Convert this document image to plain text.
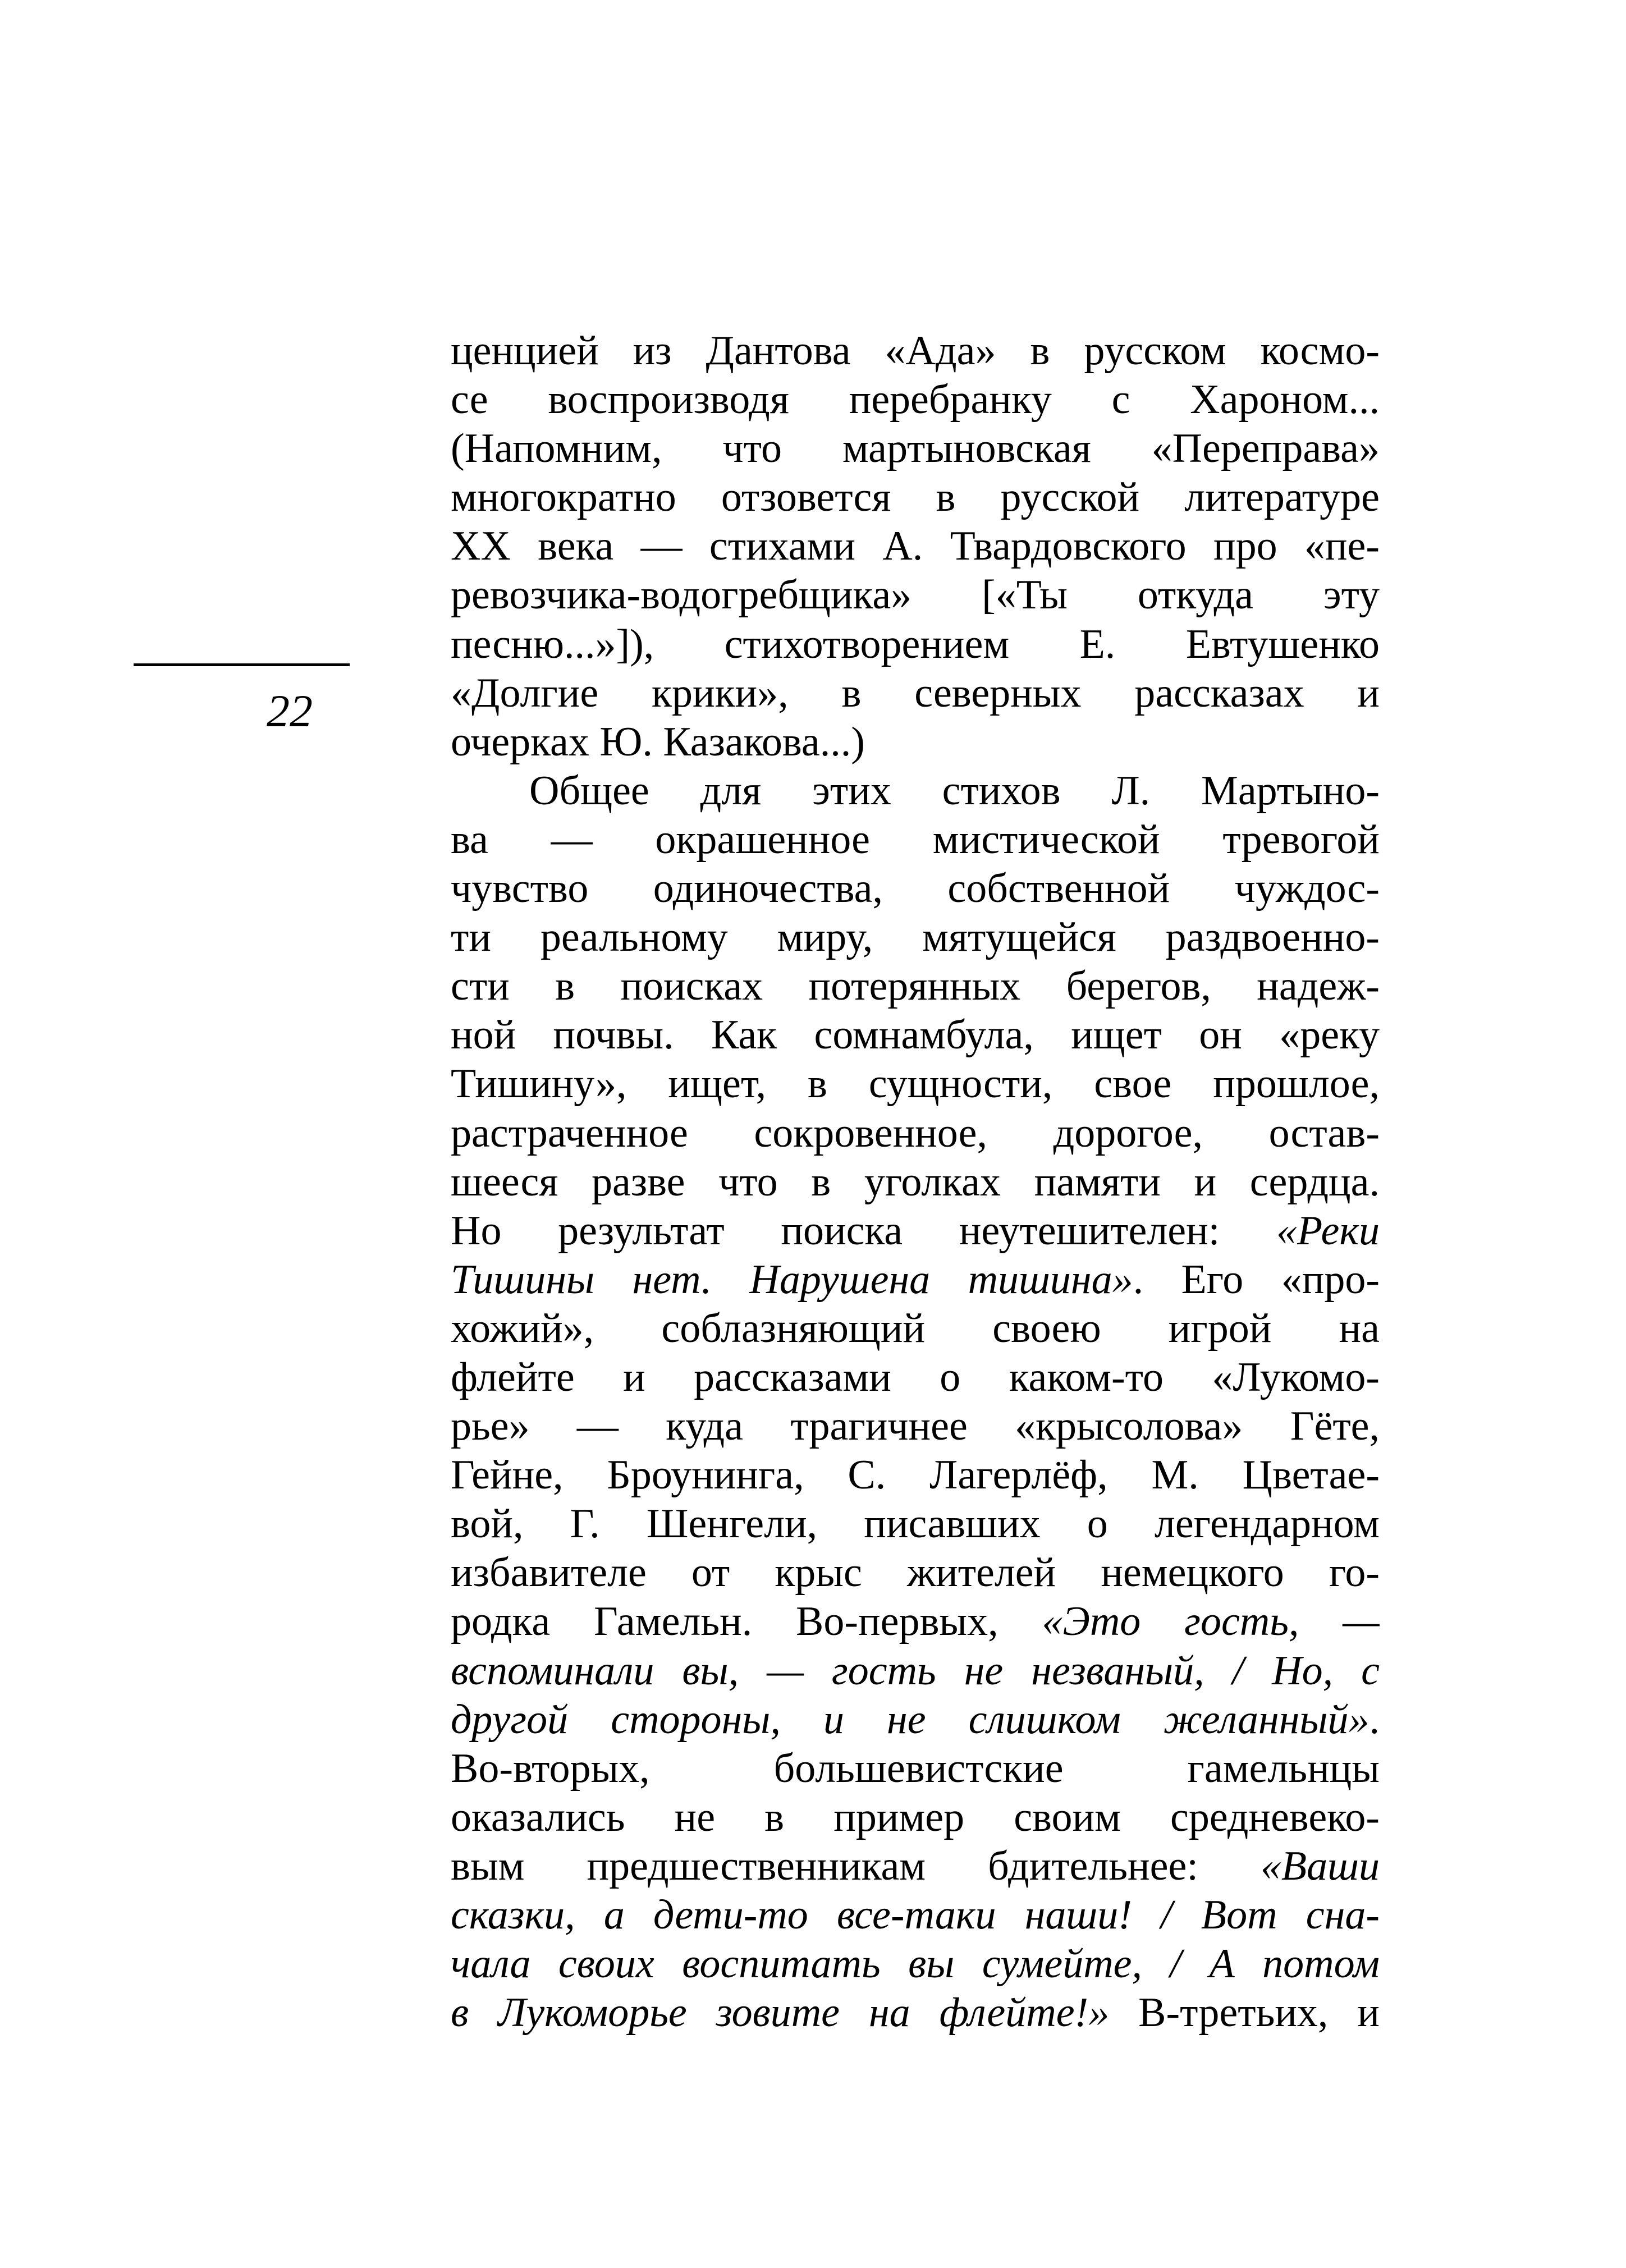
22
ценцией из Дантова «Ада» в русском космо-
се воспроизводя перебранку с Хароном...
(Напомним, что мартыновская «Переправа»
многократно отзовется в русской литературе
XX века — стихами А. Твардовского про «пе-
ревозчика-водогребщика» [«Ты откуда эту
песню...»]), стихотворением Е. Евтушенко
«Долгие крики», в северных рассказах и
очерках Ю. Казакова...)
Общее для этих стихов Л. Мартыно-
ва — окрашенное мистической тревогой
чувство одиночества, собственной чуждос-
ти реальному миру, мятущейся раздвоенно-
сти в поисках потерянных берегов, надеж-
ной почвы. Как сомнамбула, ищет он «реку
Тишину», ищет, в сущности, свое прошлое,
растраченное сокровенное, дорогое, остав-
шееся разве что в уголках памяти и сердца.
Но результат поиска неутешителен: «Реки
Тишины нет. Нарушена тишина». Его «про-
хожий», соблазняющий своею игрой на
флейте и рассказами о каком-то «Лукомо-
рье» — куда трагичнее «крысолова» Гёте,
Гейне, Броунинга, С. Лагерлёф, М. Цветае-
вой, Г. Шенгели, писавших о легендарном
избавителе от крыс жителей немецкого го-
родка Гамельн. Во-первых, «Это гость, —
вспоминали вы, — гость не незваный, / Но, с
другой стороны, и не слишком желанный».
Во-вторых, большевистские гамельнцы
оказались не в пример своим средневеко-
вым предшественникам бдительнее: «Ваши
сказки, а дети-то все-таки наши! / Вот сна-
чала своих воспитать вы сумейте, / А потом
в Лукоморье зовите на флейте!» В-третьих, и
